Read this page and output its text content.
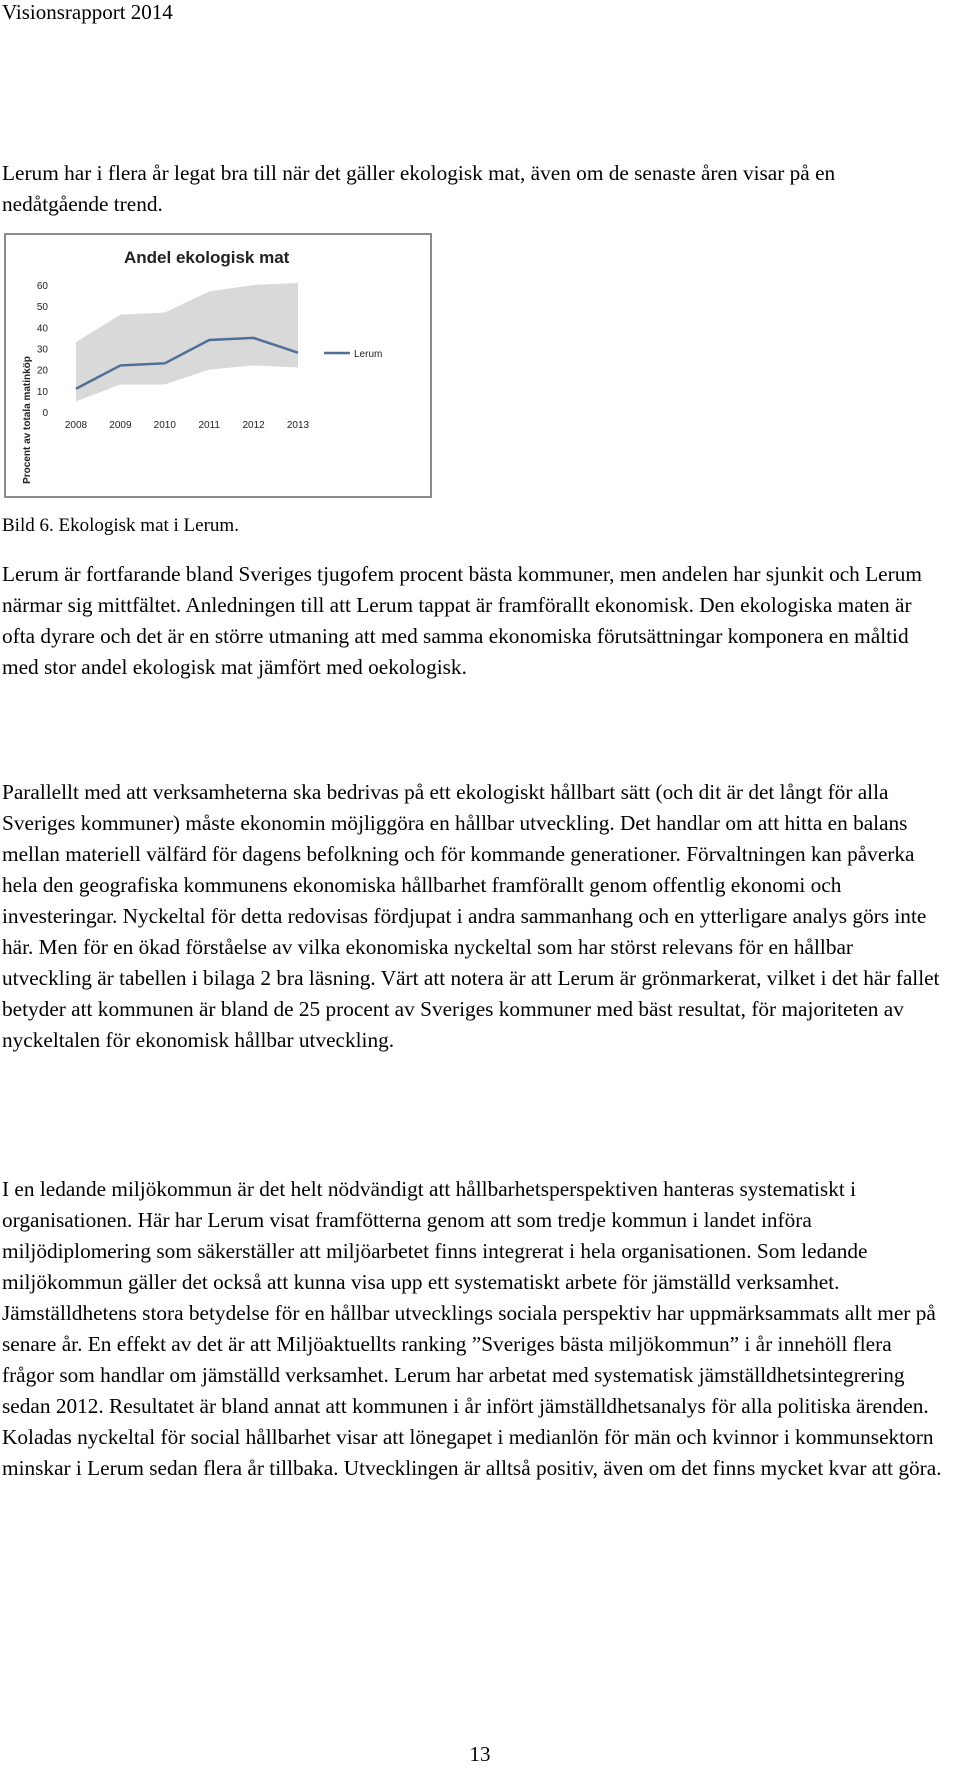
Visionsrapport 2014

Lerum har i flera år legat bra till när det gäller ekologisk mat, även om de senaste åren visar på en nedåtgående trend.

Andel ekologisk mat
Procent av totala matinköp 0
10
20
30
40
50
60
2008 2009 2010 2011 2012 2013
Lerum

Bild 6. Ekologisk mat i Lerum.

Lerum är fortfarande bland Sveriges tjugofem procent bästa kommuner, men andelen har sjunkit och Lerum närmar sig mittfältet. Anledningen till att Lerum tappat är framförallt ekonomisk. Den ekologiska maten är ofta dyrare och det är en större utmaning att med samma ekonomiska förutsättningar komponera en måltid med stor andel ekologisk mat jämfört med oekologisk.

Parallellt med att verksamheterna ska bedrivas på ett ekologiskt hållbart sätt (och dit är det långt för alla Sveriges kommuner) måste ekonomin möjliggöra en hållbar utveckling. Det handlar om att hitta en balans mellan materiell välfärd för dagens befolkning och för kommande generationer. Förvaltningen kan påverka hela den geografiska kommunens ekonomiska hållbarhet framförallt genom offentlig ekonomi och investeringar. Nyckeltal för detta redovisas fördjupat i andra sammanhang och en ytterligare analys görs inte här. Men för en ökad förståelse av vilka ekonomiska nyckeltal som har störst relevans för en hållbar utveckling är tabellen i bilaga 2 bra läsning. Värt att notera är att Lerum är grönmarkerat, vilket i det här fallet betyder att kommunen är bland de 25 procent av Sveriges kommuner med bäst resultat, för majoriteten av nyckeltalen för ekonomisk hållbar utveckling.

I en ledande miljökommun är det helt nödvändigt att hållbarhetsperspektiven hanteras systematiskt i organisationen. Här har Lerum visat framfötterna genom att som tredje kommun i landet införa miljödiplomering som säkerställer att miljöarbetet finns integrerat i hela organisationen. Som ledande miljökommun gäller det också att kunna visa upp ett systematiskt arbete för jämställd verksamhet. Jämställdhetens stora betydelse för en hållbar utvecklings sociala perspektiv har uppmärksammats allt mer på senare år. En effekt av det är att Miljöaktuellts ranking ”Sveriges bästa miljökommun” i år innehöll flera frågor som handlar om jämställd verksamhet. Lerum har arbetat med systematisk jämställdhetsintegrering sedan 2012. Resultatet är bland annat att kommunen i år infört jämställdhetsanalys för alla politiska ärenden. Koladas nyckeltal för social hållbarhet visar att lönegapet i medianlön för män och kvinnor i kommunsektorn minskar i Lerum sedan flera år tillbaka. Utvecklingen är alltså positiv, även om det finns mycket kvar att göra.

13
